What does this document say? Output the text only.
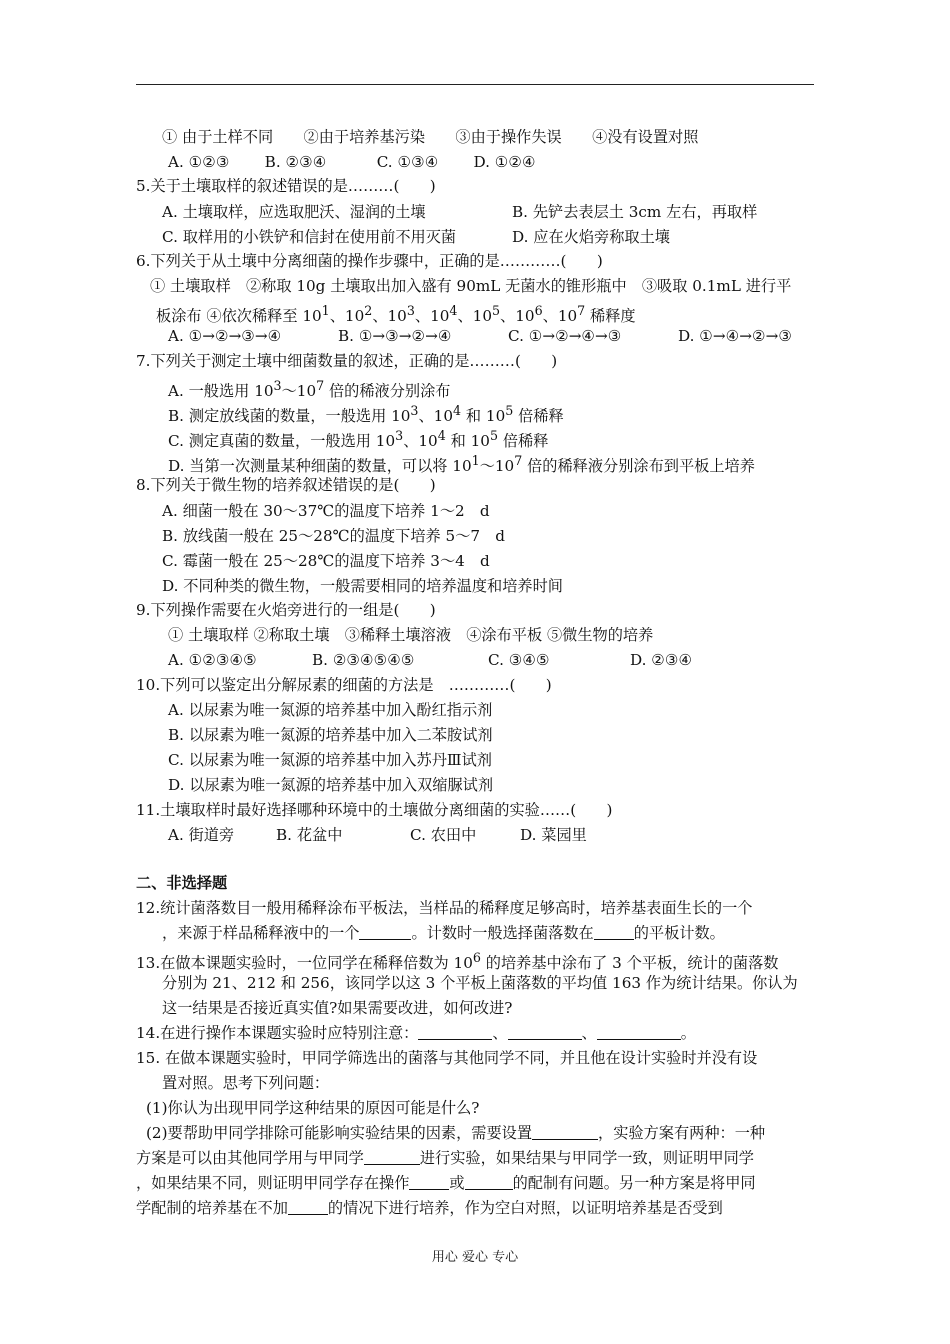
① 由于土样不同　　②由于培养基污染　　③由于操作失误　　④没有设置对照
A. ①②③　　 B. ②③④　　　 C. ①③④　　 D. ①②④
5.关于土壤取样的叙述错误的是………(　　)
A. 土壤取样，应选取肥沃、湿润的土壤	B. 先铲去表层土 3cm 左右，再取样
C. 取样用的小铁铲和信封在使用前不用灭菌	D. 应在火焰旁称取土壤
6.下列关于从土壤中分离细菌的操作步骤中，正确的是…………(　　)
① 土壤取样　②称取 10g 土壤取出加入盛有 90mL 无菌水的锥形瓶中　③吸取 0.1mL 进行平
板涂布 ④依次稀释至 $10^1$、$10^2$、$10^3$、$10^4$、$10^5$、$10^6$、$10^7$ 稀释度
A. ①→②→③→④	B. ①→③→②→④	C. ①→②→④→③	D. ①→④→②→③
7.下列关于测定土壤中细菌数量的叙述，正确的是………(　　)
A. 一般选用 $10^3\sim 10^7$ 倍的稀液分别涂布
B. 测定放线菌的数量，一般选用 $10^3$、$10^4$ 和 $10^5$ 倍稀释
C. 测定真菌的数量，一般选用 $10^3$、$10^4$ 和 $10^5$ 倍稀释
D. 当第一次测量某种细菌的数量，可以将 $10^1\sim 10^7$ 倍的稀释液分别涂布到平板上培养
8.下列关于微生物的培养叙述错误的是(　　)
A. 细菌一般在 30～37℃的温度下培养 1～2　d
B. 放线菌一般在 25～28℃的温度下培养 5～7　d
C. 霉菌一般在 25～28℃的温度下培养 3～4　d
D. 不同种类的微生物，一般需要相同的培养温度和培养时间
9.下列操作需要在火焰旁进行的一组是(　　)
① 土壤取样 ②称取土壤　③稀释土壤溶液　④涂布平板 ⑤微生物的培养
A. ①②③④⑤	B. ②③④⑤④⑤	C. ③④⑤	D. ②③④
10.下列可以鉴定出分解尿素的细菌的方法是　…………(　　)
A. 以尿素为唯一氮源的培养基中加入酚红指示剂
B. 以尿素为唯一氮源的培养基中加入二苯胺试剂
C. 以尿素为唯一氮源的培养基中加入苏丹Ⅲ试剂
D. 以尿素为唯一氮源的培养基中加入双缩脲试剂
11.土壤取样时最好选择哪种环境中的土壤做分离细菌的实验……(　　)
A. 街道旁	B. 花盆中	C. 农田中	D. 菜园里
二、非选择题
12.统计菌落数目一般用稀释涂布平板法，当样品的稀释度足够高时，培养基表面生长的一个
，来源于样品稀释液中的一个	。计数时一般选择菌落数在	的平板计数。
13.在做本课题实验时，一位同学在稀释倍数为 $10^6$ 的培养基中涂布了 3 个平板，统计的菌落数
分别为 21、212 和 256，该同学以这 3 个平板上菌落数的平均值 163 作为统计结果。你认为
这一结果是否接近真实值?如果需要改进，如何改进?
14.在进行操作本课题实验时应特别注意：	、	、	。
15. 在做本课题实验时，甲同学筛选出的菌落与其他同学不同，并且他在设计实验时并没有设
置对照。思考下列问题：
(1)你认为出现甲同学这种结果的原因可能是什么?
(2)要帮助甲同学排除可能影响实验结果的因素，需要设置	，实验方案有两种：一种
方案是可以由其他同学用与甲同学	进行实验，如果结果与甲同学一致，则证明甲同学
，如果结果不同，则证明甲同学存在操作	或	的配制有问题。另一种方案是将甲同
学配制的培养基在不加	的情况下进行培养，作为空白对照，以证明培养基是否受到
用心 爱心 专心
